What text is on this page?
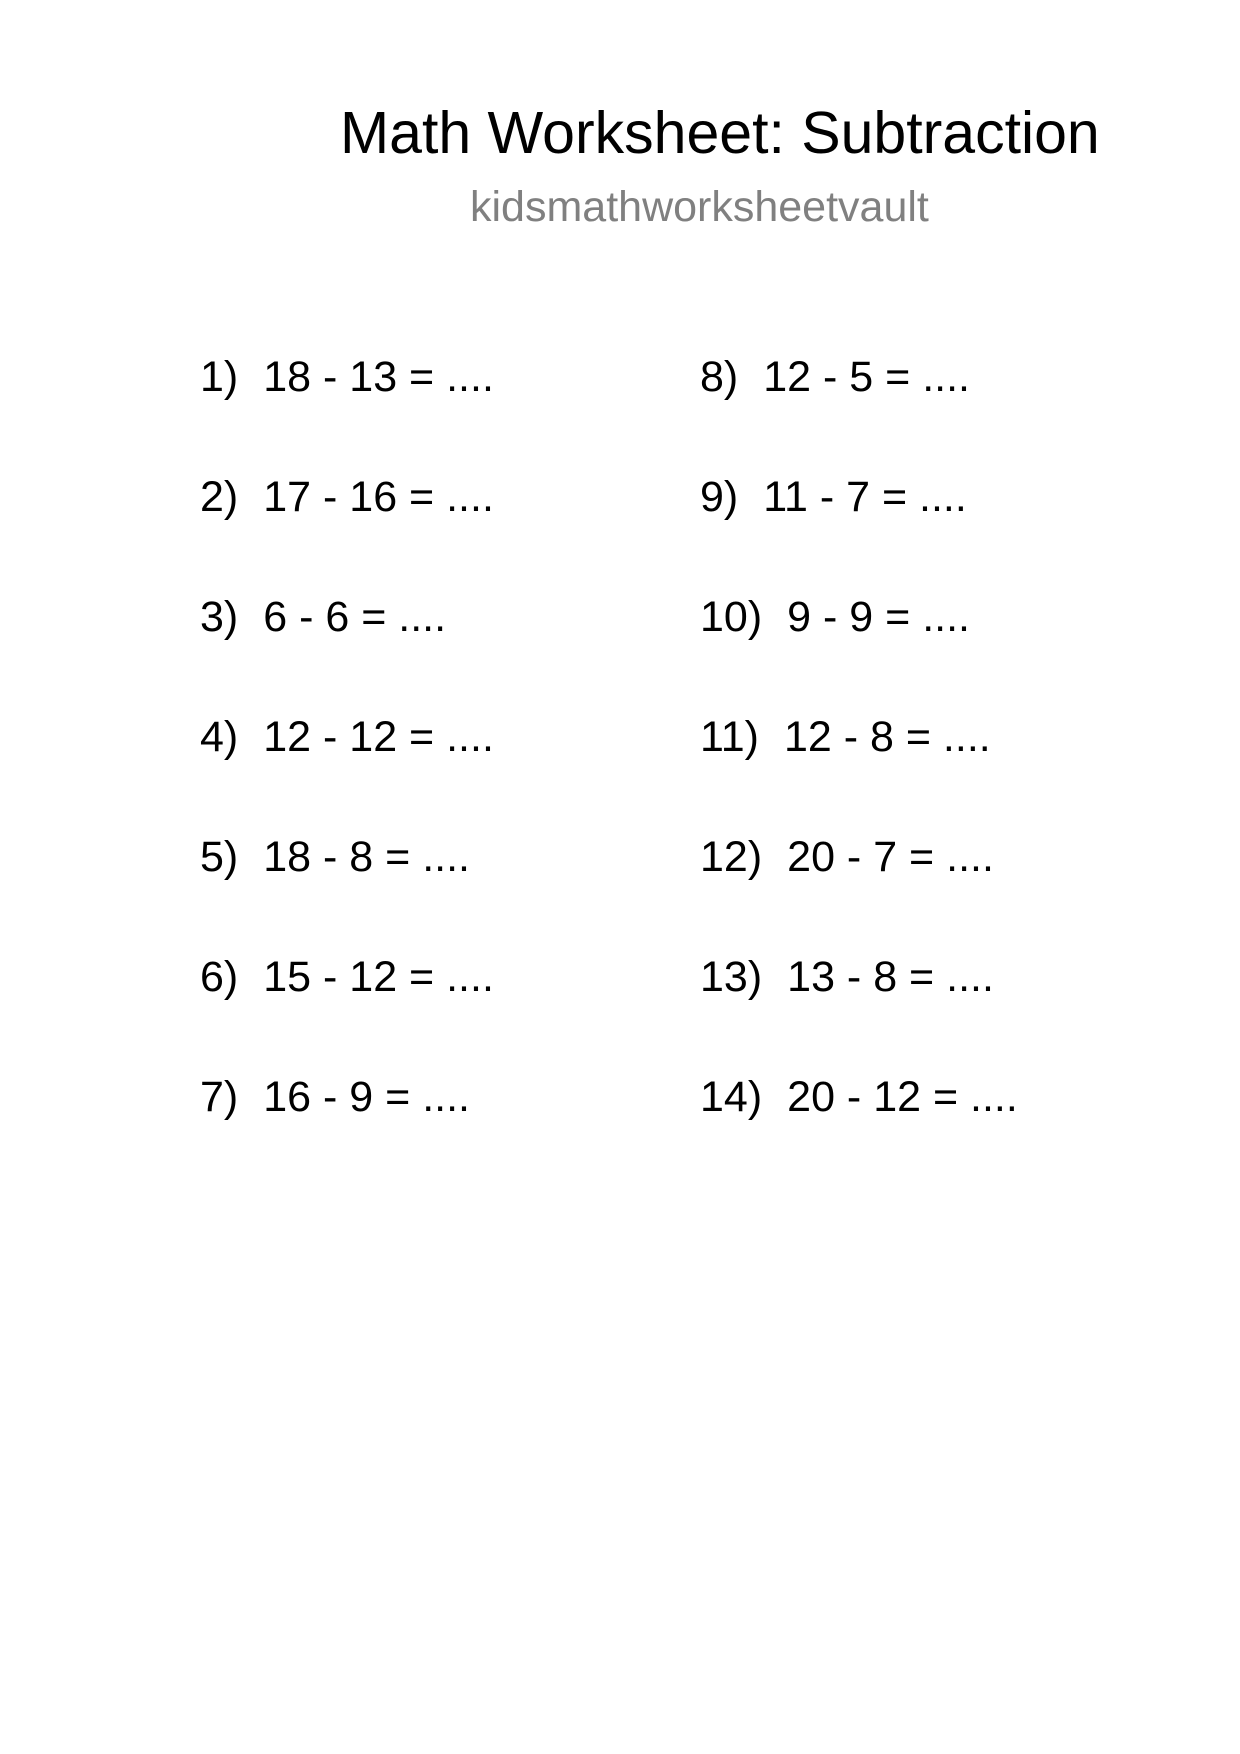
Math Worksheet: Subtraction
kidsmathworksheetvault
1) 18 - 13 = ....
2) 17 - 16 = ....
3) 6 - 6 = ....
4) 12 - 12 = ....
5) 18 - 8 = ....
6) 15 - 12 = ....
7) 16 - 9 = ....
8) 12 - 5 = ....
9) 11 - 7 = ....
10) 9 - 9 = ....
11) 12 - 8 = ....
12) 20 - 7 = ....
13) 13 - 8 = ....
14) 20 - 12 = ....
